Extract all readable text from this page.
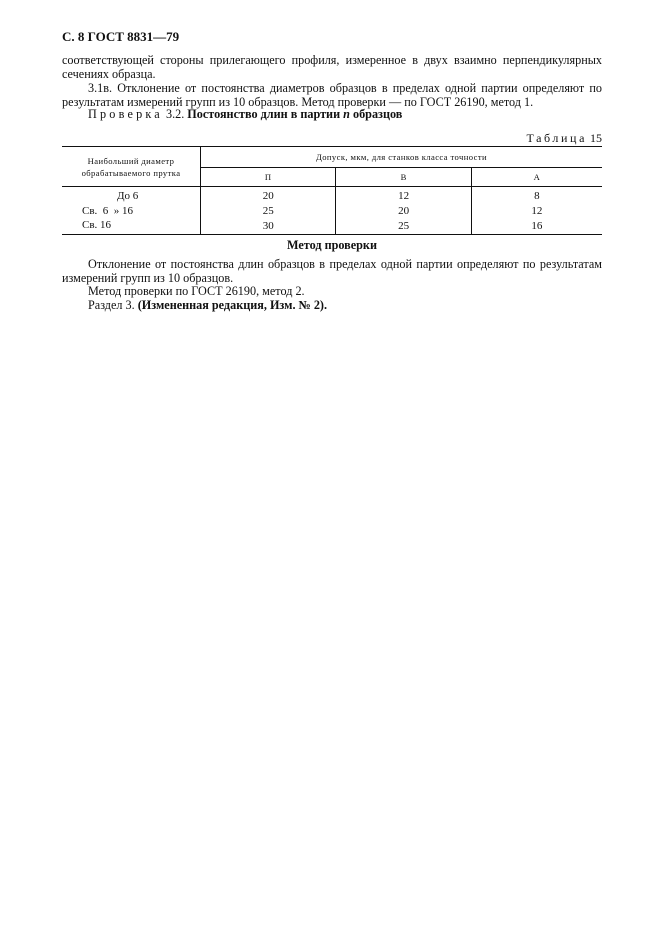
С. 8 ГОСТ 8831—79

соответствующей стороны прилегающего профиля, измеренное в двух взаимно перпендикулярных сечениях образца.

3.1в. Отклонение от постоянства диаметров образцов в пределах одной партии определяют по результатам измерений групп из 10 образцов. Метод проверки — по ГОСТ 26190, метод 1.

Проверка 3.2. Постоянство длин в партии n образцов

Таблица 15
Наибольший диаметр обрабатываемого прутка	Допуск, мкм, для станков класса точности		
	П	В	А
До 6	20	12	8
Св.  6  » 16	25	20	12
Св. 16	30	25	16
Метод проверки

Отклонение от постоянства длин образцов в пределах одной партии определяют по результатам измерений групп из 10 образцов.

Метод проверки по ГОСТ 26190, метод 2.

Раздел 3. (Измененная редакция, Изм. № 2).
